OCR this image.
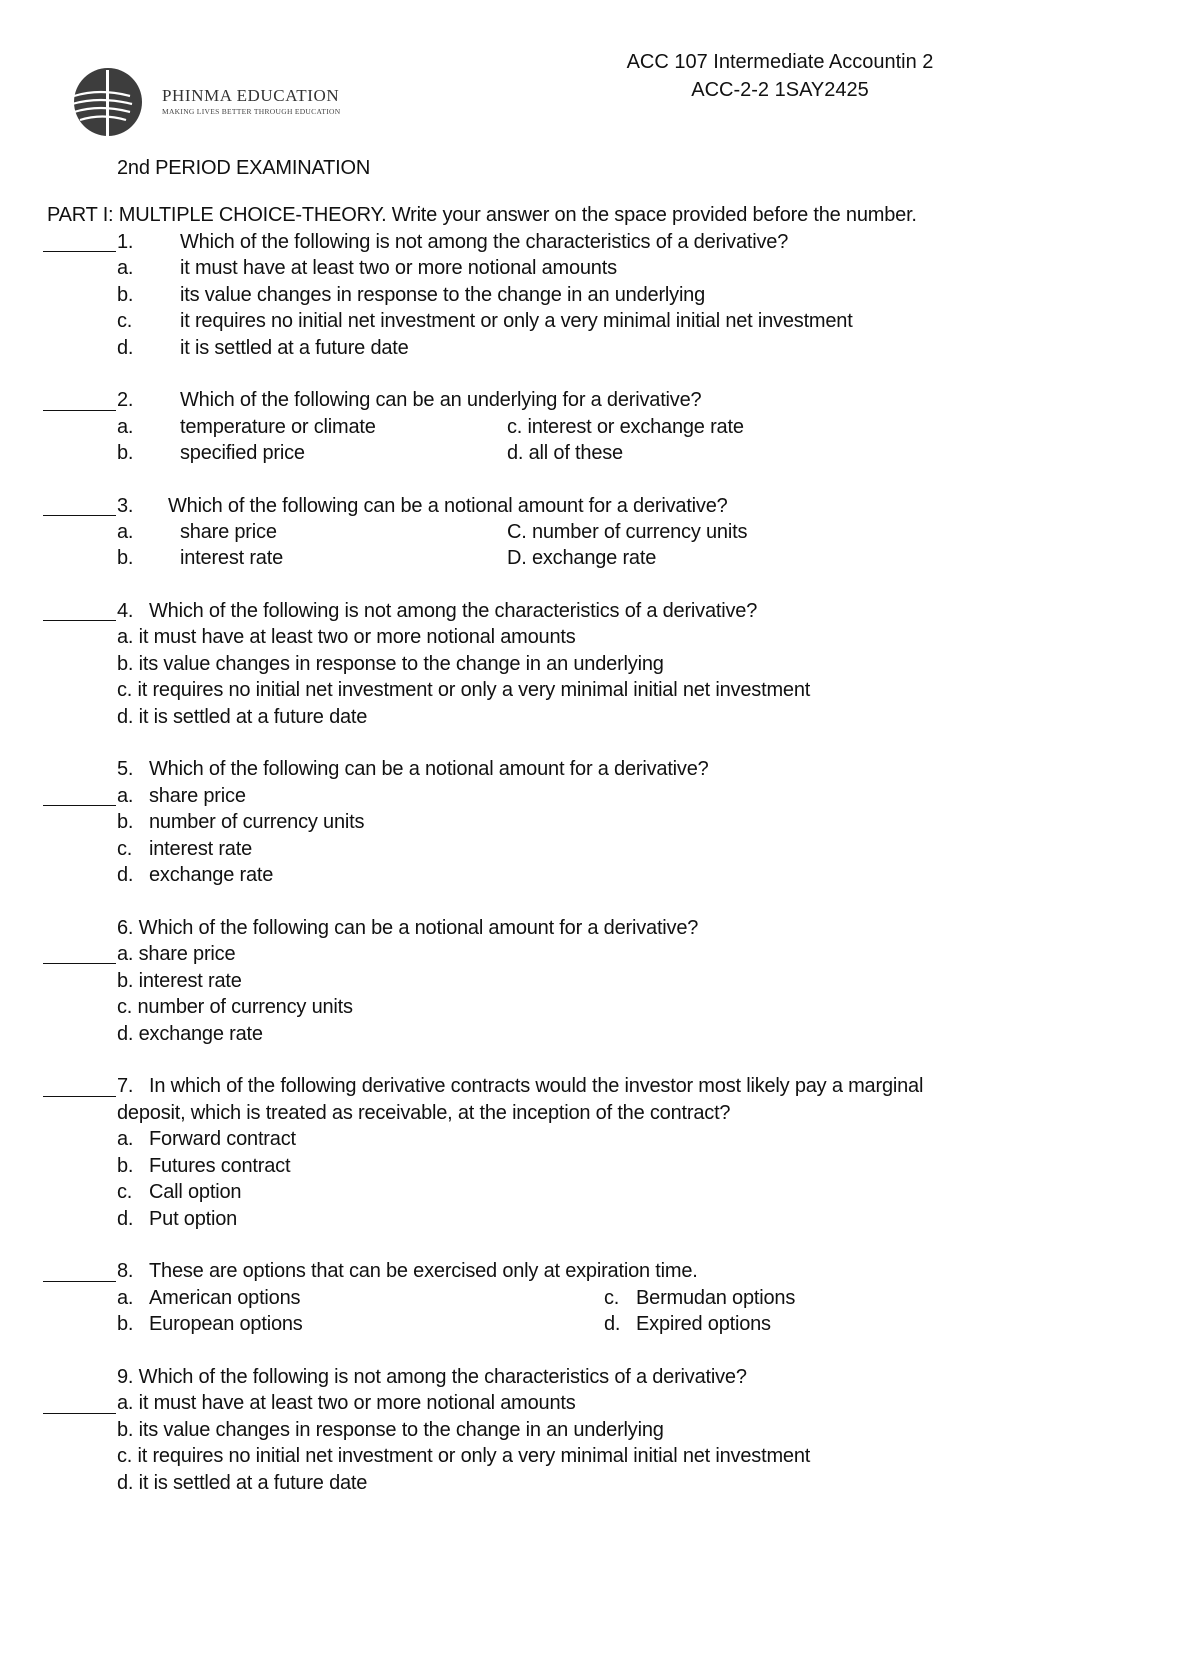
ACC 107 Intermediate Accountin 2
ACC-2-2 1SAY2425
PHINMA EDUCATION
MAKING LIVES BETTER THROUGH EDUCATION
2nd PERIOD EXAMINATION
PART I: MULTIPLE CHOICE-THEORY. Write your answer on the space provided before the number.
1. Which of the following is not among the characteristics of a derivative?
a. it must have at least two or more notional amounts
b. its value changes in response to the change in an underlying
c. it requires no initial net investment or only a very minimal initial net investment
d. it is settled at a future date
2. Which of the following can be an underlying for a derivative?
a. temperature or climate
b. specified price
c. interest or exchange rate
d. all of these
3. Which of the following can be a notional amount for a derivative?
a. share price
b. interest rate
C. number of currency units
D. exchange rate
4. Which of the following is not among the characteristics of a derivative?
a. it must have at least two or more notional amounts
b. its value changes in response to the change in an underlying
c. it requires no initial net investment or only a very minimal initial net investment
d. it is settled at a future date
5. Which of the following can be a notional amount for a derivative?
a. share price
b. number of currency units
c. interest rate
d. exchange rate
6. Which of the following can be a notional amount for a derivative?
a. share price
b. interest rate
c. number of currency units
d. exchange rate
7. In which of the following derivative contracts would the investor most likely pay a marginal
deposit, which is treated as receivable, at the inception of the contract?
a. Forward contract
b. Futures contract
c. Call option
d. Put option
8. These are options that can be exercised only at expiration time.
a. American options
b. European options
c. Bermudan options
d. Expired options
9. Which of the following is not among the characteristics of a derivative?
a. it must have at least two or more notional amounts
b. its value changes in response to the change in an underlying
c. it requires no initial net investment or only a very minimal initial net investment
d. it is settled at a future date
